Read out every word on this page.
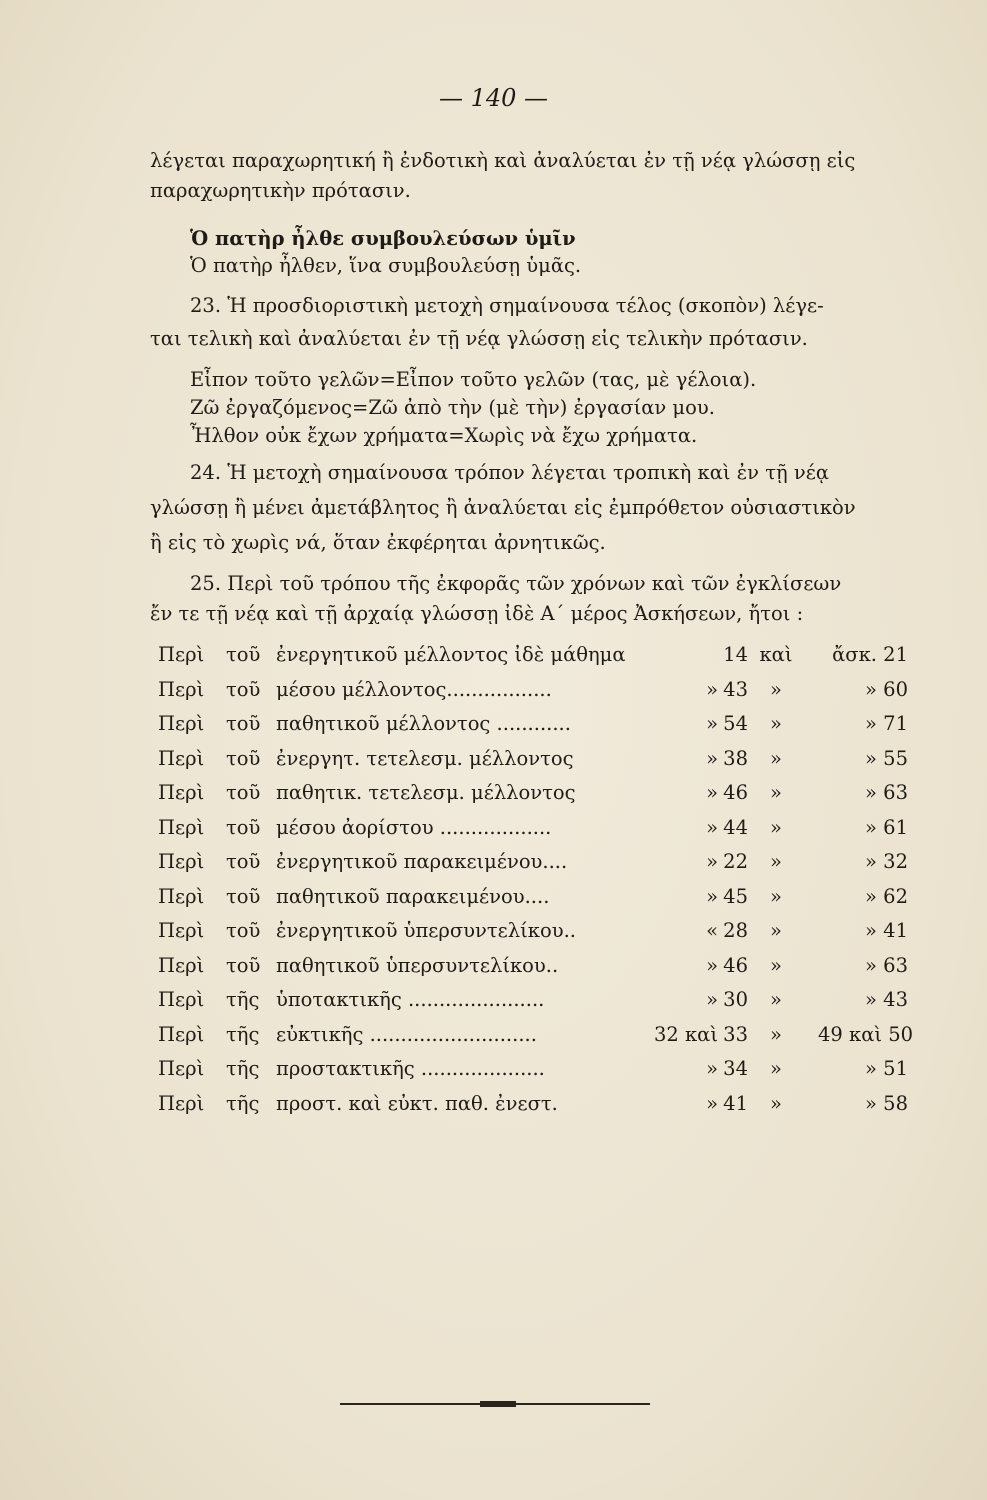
— 140 —
λέγεται παραχωρητική ἢ ἐνδοτικὴ καὶ ἀναλύεται ἐν τῇ νέᾳ γλώσσῃ εἰς
παραχωρητικὴν πρότασιν.
Ὁ πατὴρ ἦλθε συμβουλεύσων ὑμῖν
Ὁ πατὴρ ἦλθεν, ἵνα συμβουλεύσῃ ὑμᾶς.
23. Ἡ προσδιοριστικὴ μετοχὴ σημαίνουσα τέλος (σκοπὸν) λέγε-
ται τελικὴ καὶ ἀναλύεται ἐν τῇ νέᾳ γλώσσῃ εἰς τελικὴν πρότασιν.
Εἶπον τοῦτο γελῶν=Εἶπον τοῦτο γελῶν (τας, μὲ γέλοια).
Ζῶ ἐργαζόμενος=Ζῶ ἀπὸ τὴν (μὲ τὴν) ἐργασίαν μου.
Ἦλθον οὐκ ἔχων χρήματα=Χωρὶς νὰ ἔχω χρήματα.
24. Ἡ μετοχὴ σημαίνουσα τρόπον λέγεται τροπικὴ καὶ ἐν τῇ νέᾳ
γλώσσῃ ἢ μένει ἀμετάβλητος ἢ ἀναλύεται εἰς ἐμπρόθετον οὐσιαστικὸν
ἢ εἰς τὸ χωρὶς νά, ὅταν ἐκφέρηται ἀρνητικῶς.
25. Περὶ τοῦ τρόπου τῆς ἐκφορᾶς τῶν χρόνων καὶ τῶν ἐγκλίσεων
ἔν τε τῇ νέᾳ καὶ τῇ ἀρχαίᾳ γλώσσῃ ἰδὲ Α΄ μέρος Ἀσκήσεων, ἤτοι :
Περὶ τοῦ ἐνεργητικοῦ μέλλοντος ἰδὲ μάθημα	14 καὶ	ἄσκ. 21
Περὶ τοῦ μέσου μέλλοντος.................	» 43	»	» 60
Περὶ τοῦ παθητικοῦ μέλλοντος ............	» 54	»	» 71
Περὶ τοῦ ἐνεργητ. τετελεσμ. μέλλοντος	» 38	»	» 55
Περὶ τοῦ παθητικ. τετελεσμ. μέλλοντος	» 46	»	» 63
Περὶ τοῦ μέσου ἀορίστου ..................	» 44	»	» 61
Περὶ τοῦ ἐνεργητικοῦ παρακειμένου....	» 22	»	» 32
Περὶ τοῦ παθητικοῦ παρακειμένου....	» 45	»	» 62
Περὶ τοῦ ἐνεργητικοῦ ὑπερσυντελίκου..	« 28	»	» 41
Περὶ τοῦ παθητικοῦ ὑπερσυντελίκου..	» 46	»	» 63
Περὶ τῆς ὑποτακτικῆς ......................	» 30	»	» 43
Περὶ τῆς εὐκτικῆς ...........................	32 καὶ 33	»	49 καὶ 50
Περὶ τῆς προστακτικῆς ....................	» 34	»	» 51
Περὶ τῆς προστ. καὶ εὐκτ. παθ. ἐνεστ.	» 41	»	» 58
